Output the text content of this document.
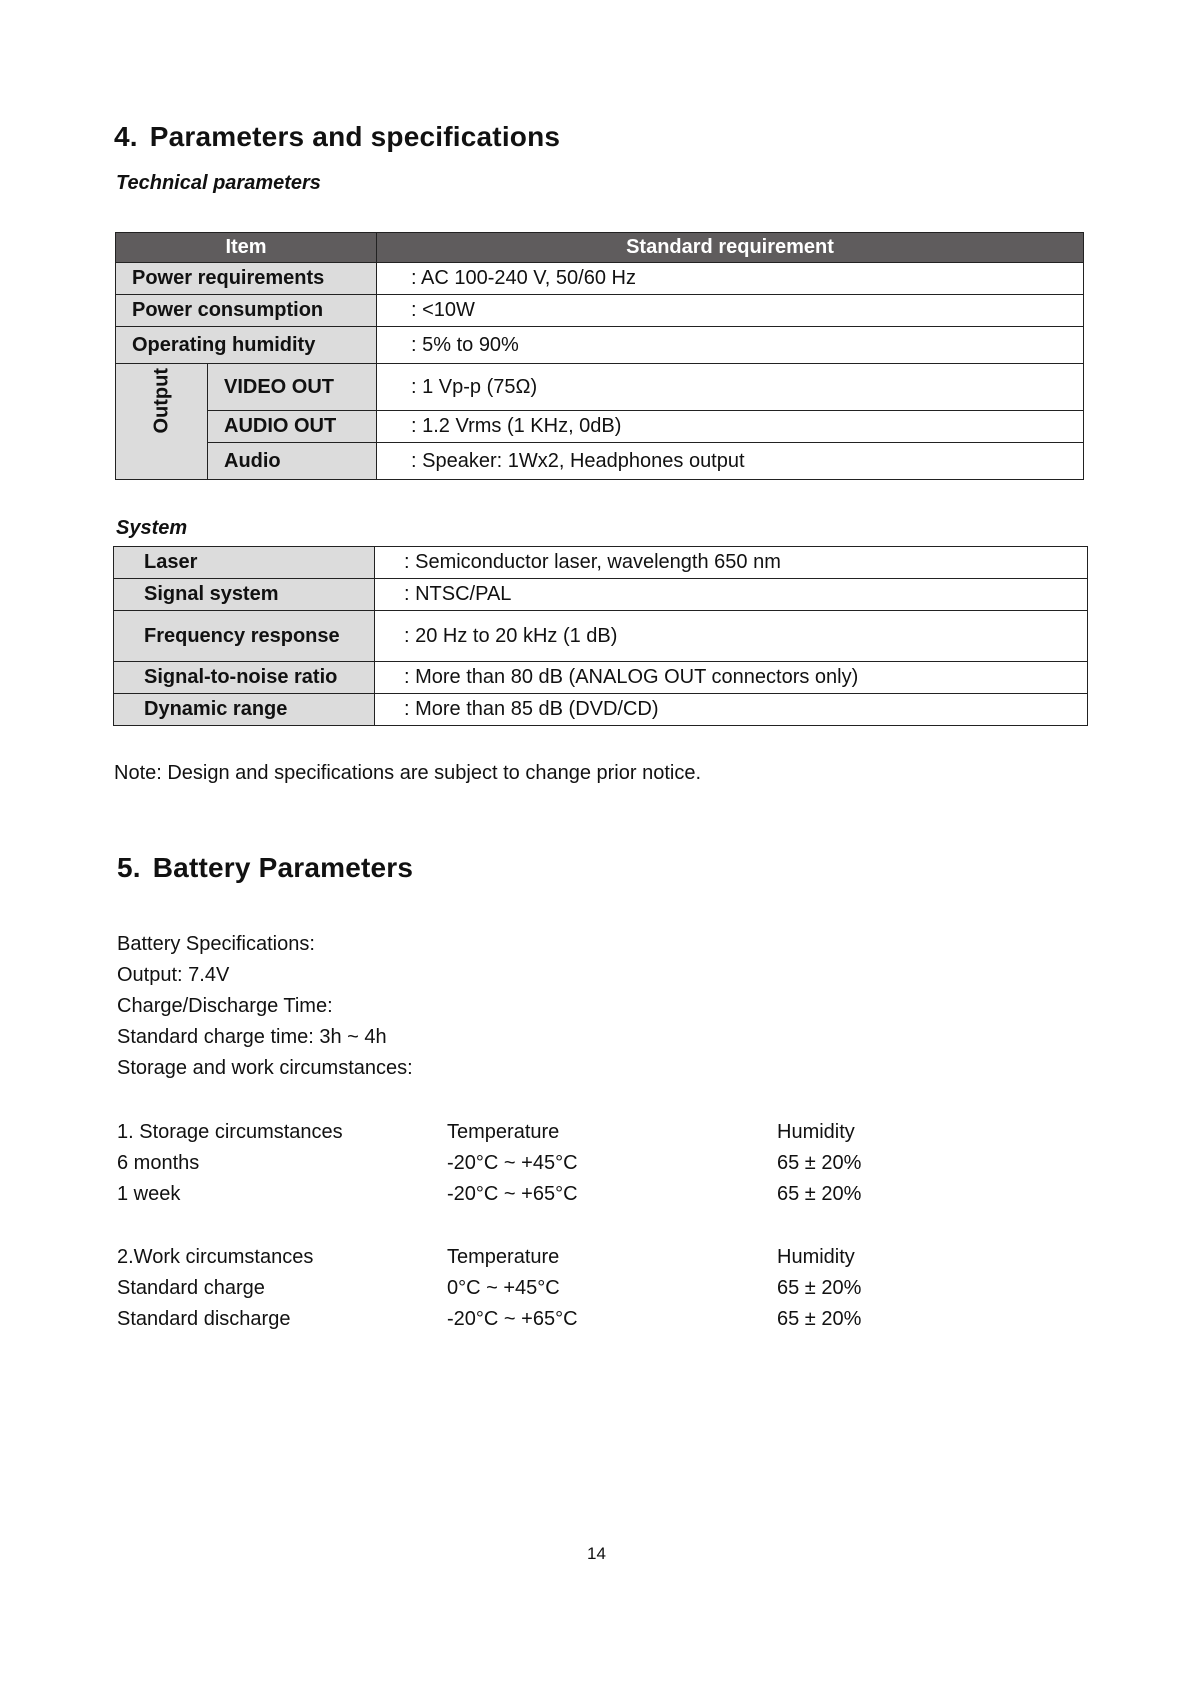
4. Parameters and specifications
Technical parameters
Item		Standard requirement
Power requirements		: AC 100-240 V, 50/60 Hz
Power consumption		: <10W
Operating humidity		: 5% to 90%

Output	VIDEO OUT	: 1 Vp-p (75Ω)
	AUDIO OUT	: 1.2 Vrms (1 KHz, 0dB)
	Audio	: Speaker: 1Wx2, Headphones output
System
Laser	: Semiconductor laser, wavelength 650 nm
Signal system	: NTSC/PAL
Frequency response	: 20 Hz to 20 kHz (1 dB)
Signal-to-noise ratio	: More than 80 dB (ANALOG OUT connectors only)
Dynamic range	: More than 85 dB (DVD/CD)
Note: Design and specifications are subject to change prior notice.
5. Battery Parameters
Battery Specifications:
Output: 7.4V
Charge/Discharge Time:
Standard charge time: 3h ~ 4h
Storage and work circumstances:
1. Storage circumstances	Temperature	Humidity
6 months	-20°C ~ +45°C	65 ± 20%
1 week	-20°C ~ +65°C	65 ± 20%
2.Work circumstances	Temperature	Humidity
Standard charge	0°C ~ +45°C	65 ± 20%
Standard discharge	-20°C ~ +65°C	65 ± 20%
14
